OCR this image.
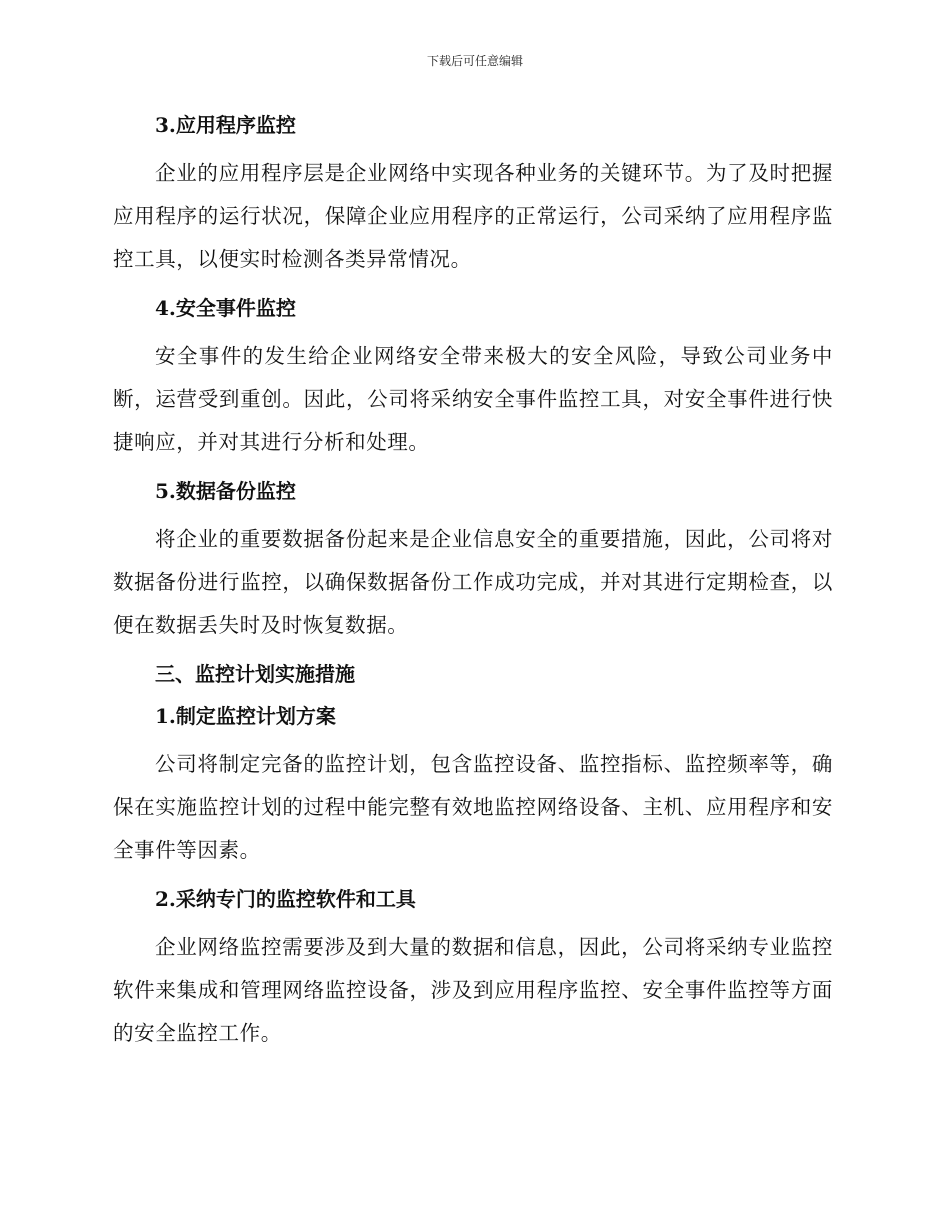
下载后可任意编辑
3.应用程序监控

企业的应用程序层是企业网络中实现各种业务的关键环节。为了及时把握应用程序的运行状况，保障企业应用程序的正常运行，公司采纳了应用程序监控工具，以便实时检测各类异常情况。

4.安全事件监控

安全事件的发生给企业网络安全带来极大的安全风险，导致公司业务中断，运营受到重创。因此，公司将采纳安全事件监控工具，对安全事件进行快捷响应，并对其进行分析和处理。

5.数据备份监控

将企业的重要数据备份起来是企业信息安全的重要措施，因此，公司将对数据备份进行监控，以确保数据备份工作成功完成，并对其进行定期检查，以便在数据丢失时及时恢复数据。

三、监控计划实施措施
1.制定监控计划方案

公司将制定完备的监控计划，包含监控设备、监控指标、监控频率等，确保在实施监控计划的过程中能完整有效地监控网络设备、主机、应用程序和安全事件等因素。

2.采纳专门的监控软件和工具

企业网络监控需要涉及到大量的数据和信息，因此，公司将采纳专业监控软件来集成和管理网络监控设备，涉及到应用程序监控、安全事件监控等方面的安全监控工作。
